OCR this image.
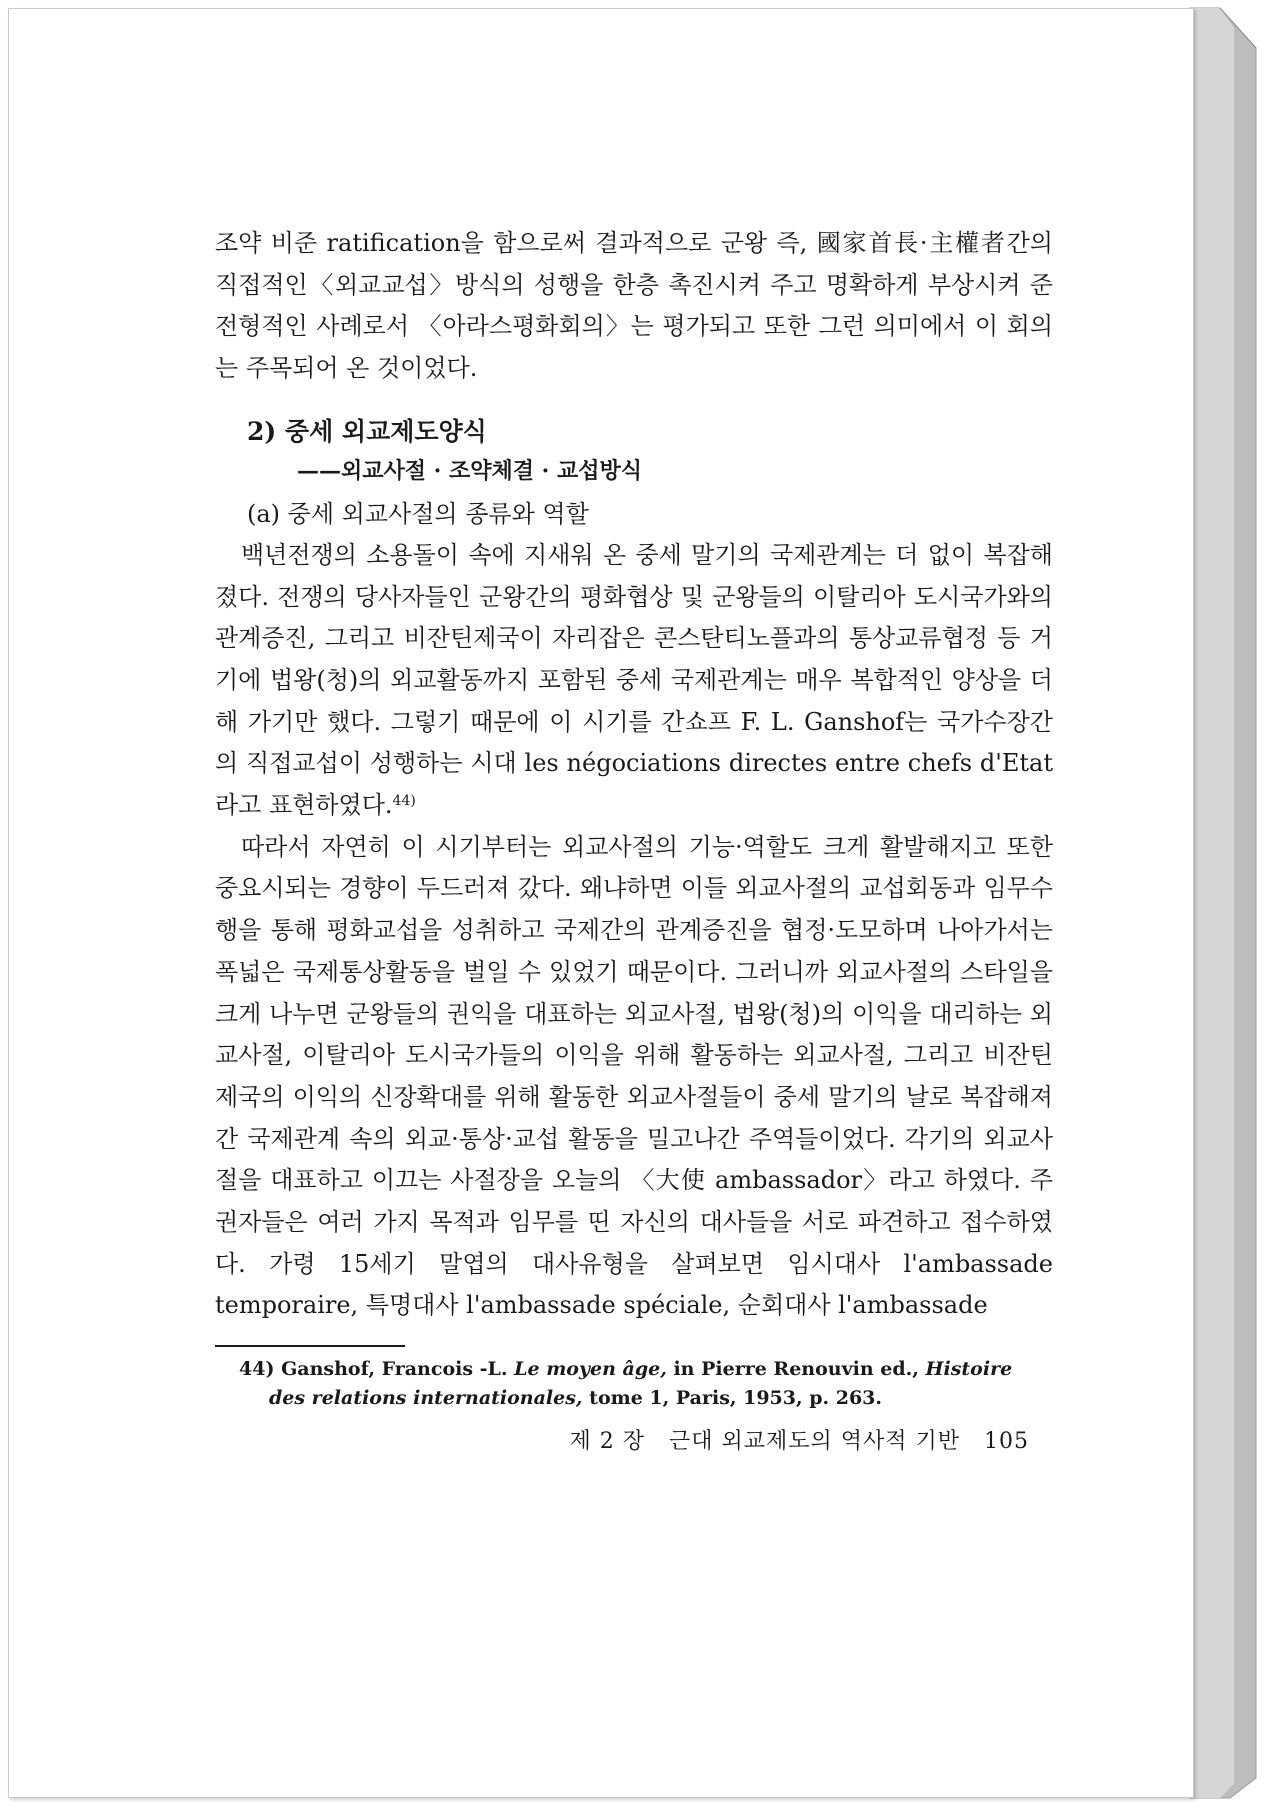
조약 비준 ratification을 함으로써 결과적으로 군왕 즉, 國家首長·主權者간의 직접적인〈외교교섭〉방식의 성행을 한층 촉진시켜 주고 명확하게 부상시켜 준 전형적인 사례로서 〈아라스평화회의〉는 평가되고 또한 그런 의미에서 이 회의는 주목되어 온 것이었다.

2) 중세 외교제도양식
——외교사절 · 조약체결 · 교섭방식
(a) 중세 외교사절의 종류와 역할

백년전쟁의 소용돌이 속에 지새워 온 중세 말기의 국제관계는 더 없이 복잡해졌다. 전쟁의 당사자들인 군왕간의 평화협상 및 군왕들의 이탈리아 도시국가와의 관계증진, 그리고 비잔틴제국이 자리잡은 콘스탄티노플과의 통상교류협정 등 거기에 법왕(청)의 외교활동까지 포함된 중세 국제관계는 매우 복합적인 양상을 더해 가기만 했다. 그렇기 때문에 이 시기를 간쇼프 F. L. Ganshof는 국가수장간의 직접교섭이 성행하는 시대 les négociations directes entre chefs d'Etat라고 표현하였다.$^{44)}$

따라서 자연히 이 시기부터는 외교사절의 기능·역할도 크게 활발해지고 또한 중요시되는 경향이 두드러져 갔다. 왜냐하면 이들 외교사절의 교섭회동과 임무수행을 통해 평화교섭을 성취하고 국제간의 관계증진을 협정·도모하며 나아가서는 폭넓은 국제통상활동을 벌일 수 있었기 때문이다. 그러니까 외교사절의 스타일을 크게 나누면 군왕들의 권익을 대표하는 외교사절, 법왕(청)의 이익을 대리하는 외교사절, 이탈리아 도시국가들의 이익을 위해 활동하는 외교사절, 그리고 비잔틴제국의 이익의 신장확대를 위해 활동한 외교사절들이 중세 말기의 날로 복잡해져 간 국제관계 속의 외교·통상·교섭 활동을 밀고나간 주역들이었다. 각기의 외교사절을 대표하고 이끄는 사절장을 오늘의 〈大使 ambassador〉라고 하였다. 주권자들은 여러 가지 목적과 임무를 띤 자신의 대사들을 서로 파견하고 접수하였다. 가령 15세기 말엽의 대사유형을 살펴보면 임시대사 l'ambassade temporaire, 특명대사 l'ambassade spéciale, 순회대사 l'ambassade

44) Ganshof, Francois -L. Le moyen âge, in Pierre Renouvin ed., Histoire des relations internationales, tome 1, Paris, 1953, p. 263.

제 2 장 근대 외교제도의 역사적 기반 105
